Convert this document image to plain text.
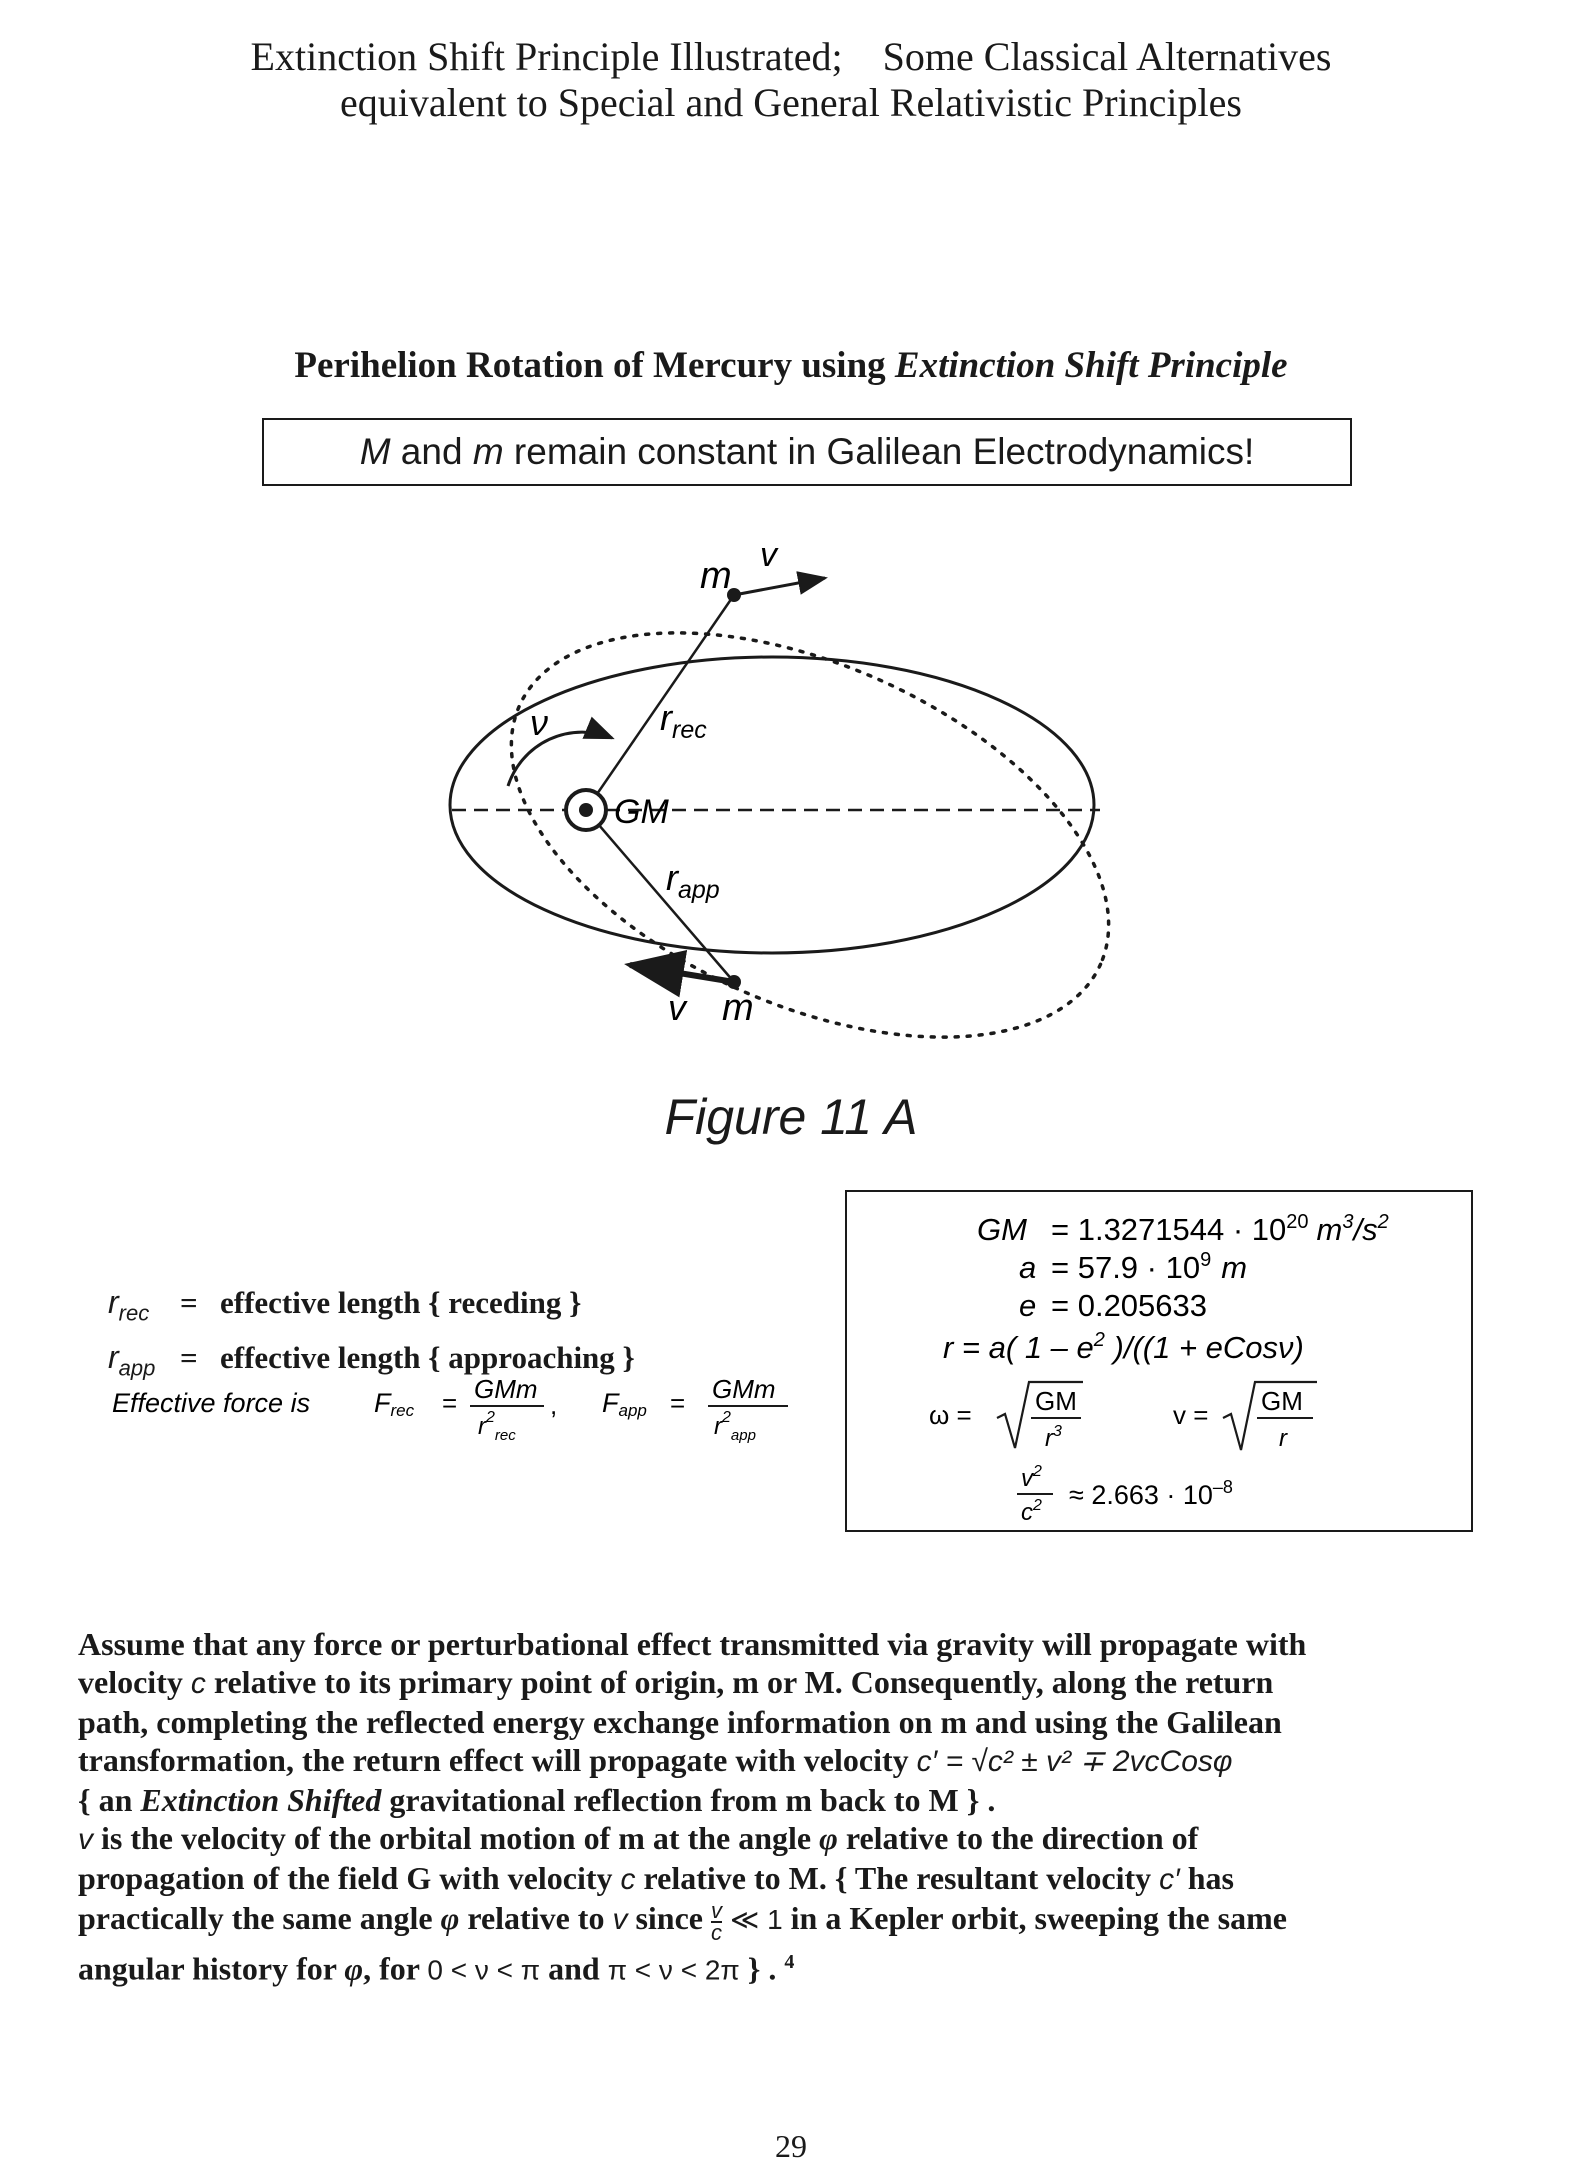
Extinction Shift Principle Illustrated;    Some Classical Alternatives
equivalent to Special and General Relativistic Principles
Perihelion Rotation of Mercury using Extinction Shift Principle
M and m remain constant in Galilean Electrodynamics!
m v
ν	$r_{rec}$
GM
$r_{app}$
v m
Figure 11 A
$r_{rec}$ = effective length { receding }
$r_{app}$ = effective length { approaching }
Effective force is Frec = GMm
$r^2_{rec}$
, Fapp = GMm
$r^2_{app}$
GM = $1.3271544 \cdot 10^{20}$ $m^3/s^2$
$a = 57.9 \cdot 10^9$ m
e = 0.205633
r = a( $1 - e^2$ )/((1 + eCosν)
ω = GM
$r^3$
v = GM
r
$v^2$
$c^2 \approx 2.663 \cdot 10^{-8}$
Assume that any force or perturbational effect transmitted via gravity will propagate with
velocity c relative to its primary point of origin, m or M. Consequently, along the return
path, completing the reflected energy exchange information on m and using the Galilean
transformation, the return effect will propagate with velocity c′ = √c² ± v² ∓ 2vcCosφ
{ an Extinction Shifted gravitational reflection from m back to M } .
v is the velocity of the orbital motion of m at the angle φ relative to the direction of
propagation of the field G with velocity c relative to M. { The resultant velocity c′ has
practically the same angle φ relative to v since $\frac{v}{c}$ ≪ 1 in a Kepler orbit, sweeping the same
angular history for φ, for 0 < ν < π and π < ν < 2π } . $^4$
29
